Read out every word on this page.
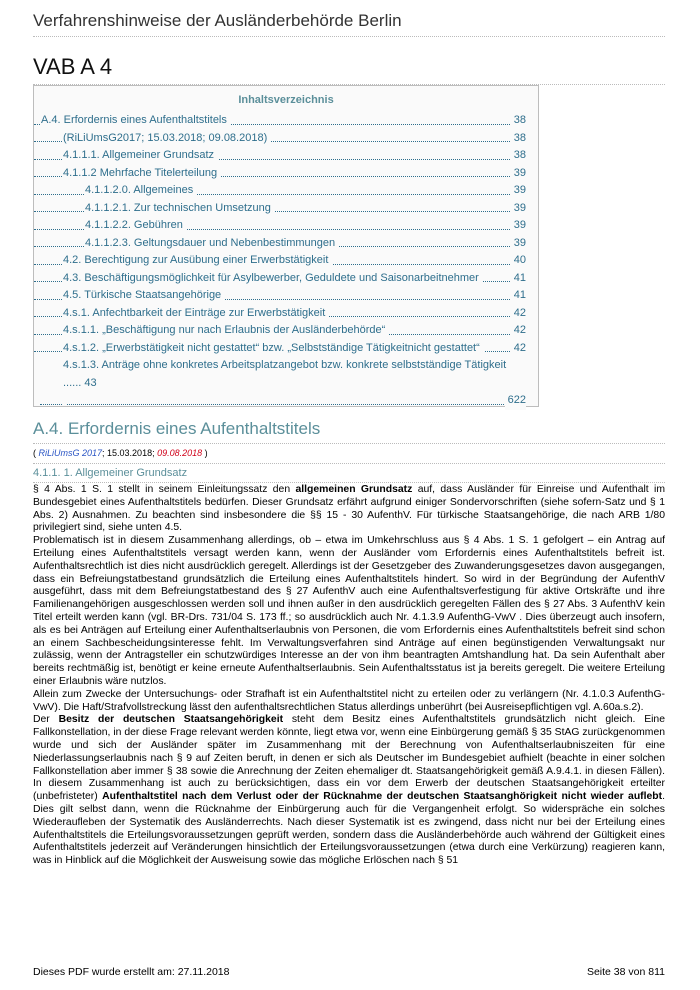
Verfahrenshinweise der Ausländerbehörde Berlin
VAB A 4
Inhaltsverzeichnis
A.4. Erfordernis eines Aufenthaltstitels	38
(RiLiUmsG2017; 15.03.2018; 09.08.2018)	38
4.1.1.1. Allgemeiner Grundsatz	38
4.1.1.2 Mehrfache Titelerteilung	39
4.1.1.2.0. Allgemeines	39
4.1.1.2.1. Zur technischen Umsetzung	39
4.1.1.2.2. Gebühren	39
4.1.1.2.3. Geltungsdauer und Nebenbestimmungen	39
4.2. Berechtigung zur Ausübung einer Erwerbstätigkeit	40
4.3. Beschäftigungsmöglichkeit für Asylbewerber, Geduldete und Saisonarbeitnehmer	41
4.5. Türkische Staatsangehörige	41
4.s.1. Anfechtbarkeit der Einträge zur Erwerbstätigkeit	42
4.s.1.1. „Beschäftigung nur nach Erlaubnis der Ausländerbehörde“	42
4.s.1.2. „Erwerbstätigkeit nicht gestattet“ bzw. „Selbstständige Tätigkeitnicht gestattet“	42
4.s.1.3. Anträge ohne konkretes Arbeitsplatzangebot bzw. konkrete selbstständige Tätigkeit ...... 43
622
A.4. Erfordernis eines Aufenthaltstitels
( RiLiUmsG 2017; 15.03.2018; 09.08.2018 )
4.1.1. 1. Allgemeiner Grundsatz

§ 4 Abs. 1 S. 1 stellt in seinem Einleitungssatz den allgemeinen Grundsatz auf, dass Ausländer für Einreise und Aufenthalt im Bundesgebiet eines Aufenthaltstitels bedürfen. Dieser Grundsatz erfährt aufgrund einiger Sondervorschriften (siehe sofern-Satz und § 1 Abs. 2) Ausnahmen. Zu beachten sind insbesondere die §§ 15 - 30 AufenthV. Für türkische Staatsangehörige, die nach ARB 1/80 privilegiert sind, siehe unten 4.5.

Problematisch ist in diesem Zusammenhang allerdings, ob – etwa im Umkehrschluss aus § 4 Abs. 1 S. 1 gefolgert – ein Antrag auf Erteilung eines Aufenthaltstitels versagt werden kann, wenn der Ausländer vom Erfordernis eines Aufenthaltstitels befreit ist. Aufenthaltsrechtlich ist dies nicht ausdrücklich geregelt. Allerdings ist der Gesetzgeber des Zuwanderungsgesetzes davon ausgegangen, dass ein Befreiungstatbestand grundsätzlich die Erteilung eines Aufenthaltstitels hindert. So wird in der Begründung der AufenthV ausgeführt, dass mit dem Befreiungstatbestand des § 27 AufenthV auch eine Aufenthaltsverfestigung für aktive Ortskräfte und ihre Familienangehörigen ausgeschlossen werden soll und ihnen außer in den ausdrücklich geregelten Fällen des § 27 Abs. 3 AufenthV kein Titel erteilt werden kann (vgl. BR-Drs. 731/04 S. 173 ff.; so ausdrücklich auch Nr. 4.1.3.9 AufenthG-VwV . Dies überzeugt auch insofern, als es bei Anträgen auf Erteilung einer Aufenthaltserlaubnis von Personen, die vom Erfordernis eines Aufenthaltstitels befreit sind schon an einem Sachbescheidungsinteresse fehlt. Im Verwaltungsverfahren sind Anträge auf einen begünstigenden Verwaltungsakt nur zulässig, wenn der Antragsteller ein schutzwürdiges Interesse an der von ihm beantragten Amtshandlung hat. Da sein Aufenthalt aber bereits rechtmäßig ist, benötigt er keine erneute Aufenthaltserlaubnis. Sein Aufenthaltsstatus ist ja bereits geregelt. Die weitere Erteilung einer Erlaubnis wäre nutzlos.

Allein zum Zwecke der Untersuchungs- oder Strafhaft ist ein Aufenthaltstitel nicht zu erteilen oder zu verlängern (Nr. 4.1.0.3 AufenthG-VwV). Die Haft/Strafvollstreckung lässt den aufenthaltsrechtlichen Status allerdings unberührt (bei Ausreisepflichtigen vgl. A.60a.s.2).

Der Besitz der deutschen Staatsangehörigkeit steht dem Besitz eines Aufenthaltstitels grundsätzlich nicht gleich. Eine Fallkonstellation, in der diese Frage relevant werden könnte, liegt etwa vor, wenn eine Einbürgerung gemäß § 35 StAG zurückgenommen wurde und sich der Ausländer später im Zusammenhang mit der Berechnung von Aufenthaltserlaubniszeiten für eine Niederlassungserlaubnis nach § 9 auf Zeiten beruft, in denen er sich als Deutscher im Bundesgebiet aufhielt (beachte in einer solchen Fallkonstellation aber immer § 38 sowie die Anrechnung der Zeiten ehemaliger dt. Staatsangehörigkeit gemäß A.9.4.1. in diesen Fällen). In diesem Zusammenhang ist auch zu berücksichtigen, dass ein vor dem Erwerb der deutschen Staatsangehörigkeit erteilter (unbefristeter) Aufenthaltstitel nach dem Verlust oder der Rücknahme der deutschen Staatsanghörigkeit nicht wieder auflebt. Dies gilt selbst dann, wenn die Rücknahme der Einbürgerung auch für die Vergangenheit erfolgt. So widerspräche ein solches Wiederaufleben der Systematik des Ausländerrechts. Nach dieser Systematik ist es zwingend, dass nicht nur bei der Erteilung eines Aufenthaltstitels die Erteilungsvoraussetzungen geprüft werden, sondern dass die Ausländerbehörde auch während der Gültigkeit eines Aufenthaltstitels jederzeit auf Veränderungen hinsichtlich der Erteilungsvoraussetzungen (etwa durch eine Verkürzung) reagieren kann, was in Hinblick auf die Möglichkeit der Ausweisung sowie das mögliche Erlöschen nach § 51

Dieses PDF wurde erstellt am: 27.11.2018	Seite 38 von 811
